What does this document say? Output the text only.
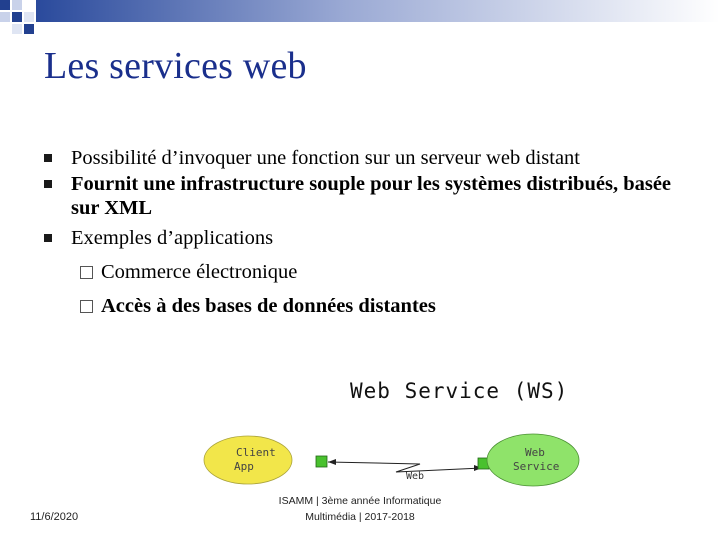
Les services web
Possibilité d’invoquer une fonction sur un serveur web distant
Fournit une infrastructure souple pour les systèmes distribués, basée sur XML
Exemples d’applications
Commerce électronique
Accès à des bases de données distantes
Web Service (WS)
Client
App
Web
Web
Service
11/6/2020
ISAMM | 3ème année Informatique
Multimédia | 2017-2018
